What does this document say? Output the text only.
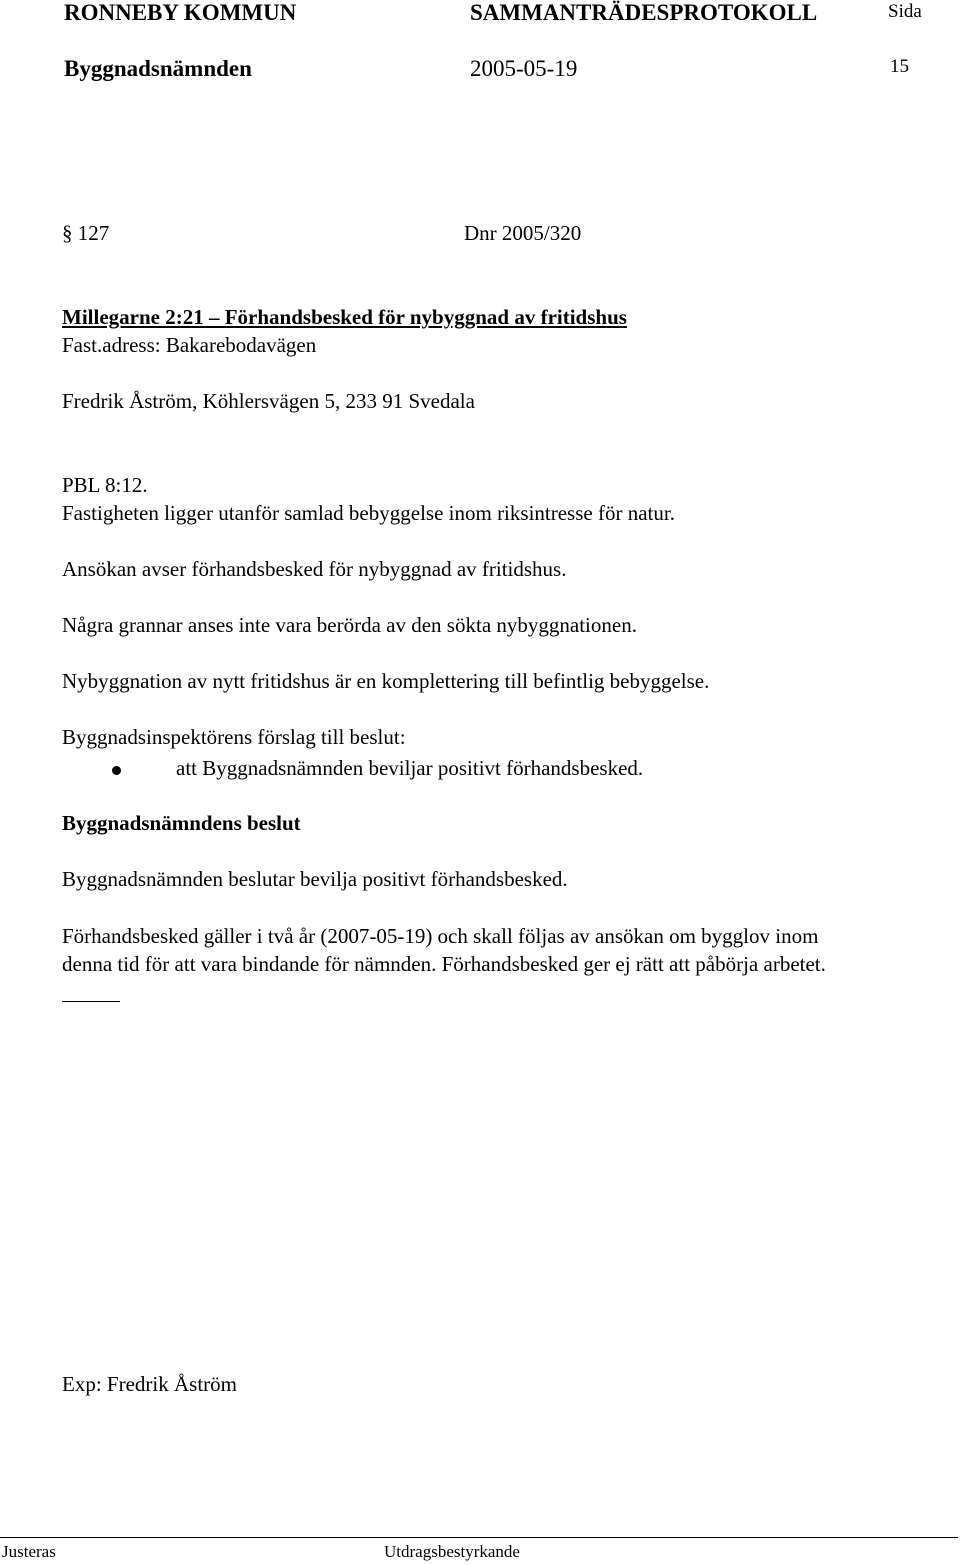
RONNEBY KOMMUN	SAMMANTRÄDESPROTOKOLL	Sida
Byggnadsnämnden	2005-05-19	15
§ 127	Dnr 2005/320
Millegarne 2:21 – Förhandsbesked för nybyggnad av fritidshus
Fast.adress: Bakarebodavägen
Fredrik Åström, Köhlersvägen 5, 233 91 Svedala
PBL 8:12.
Fastigheten ligger utanför samlad bebyggelse inom riksintresse för natur.
Ansökan avser förhandsbesked för nybyggnad av fritidshus.
Några grannar anses inte vara berörda av den sökta nybyggnationen.
Nybyggnation av nytt fritidshus är en komplettering till befintlig bebyggelse.
Byggnadsinspektörens förslag till beslut:
att Byggnadsnämnden beviljar positivt förhandsbesked.
Byggnadsnämndens beslut
Byggnadsnämnden beslutar bevilja positivt förhandsbesked.
Förhandsbesked gäller i två år (2007-05-19) och skall följas av ansökan om bygglov inom
denna tid för att vara bindande för nämnden. Förhandsbesked ger ej rätt att påbörja arbetet.
Exp: Fredrik Åström
Justeras	Utdragsbestyrkande
